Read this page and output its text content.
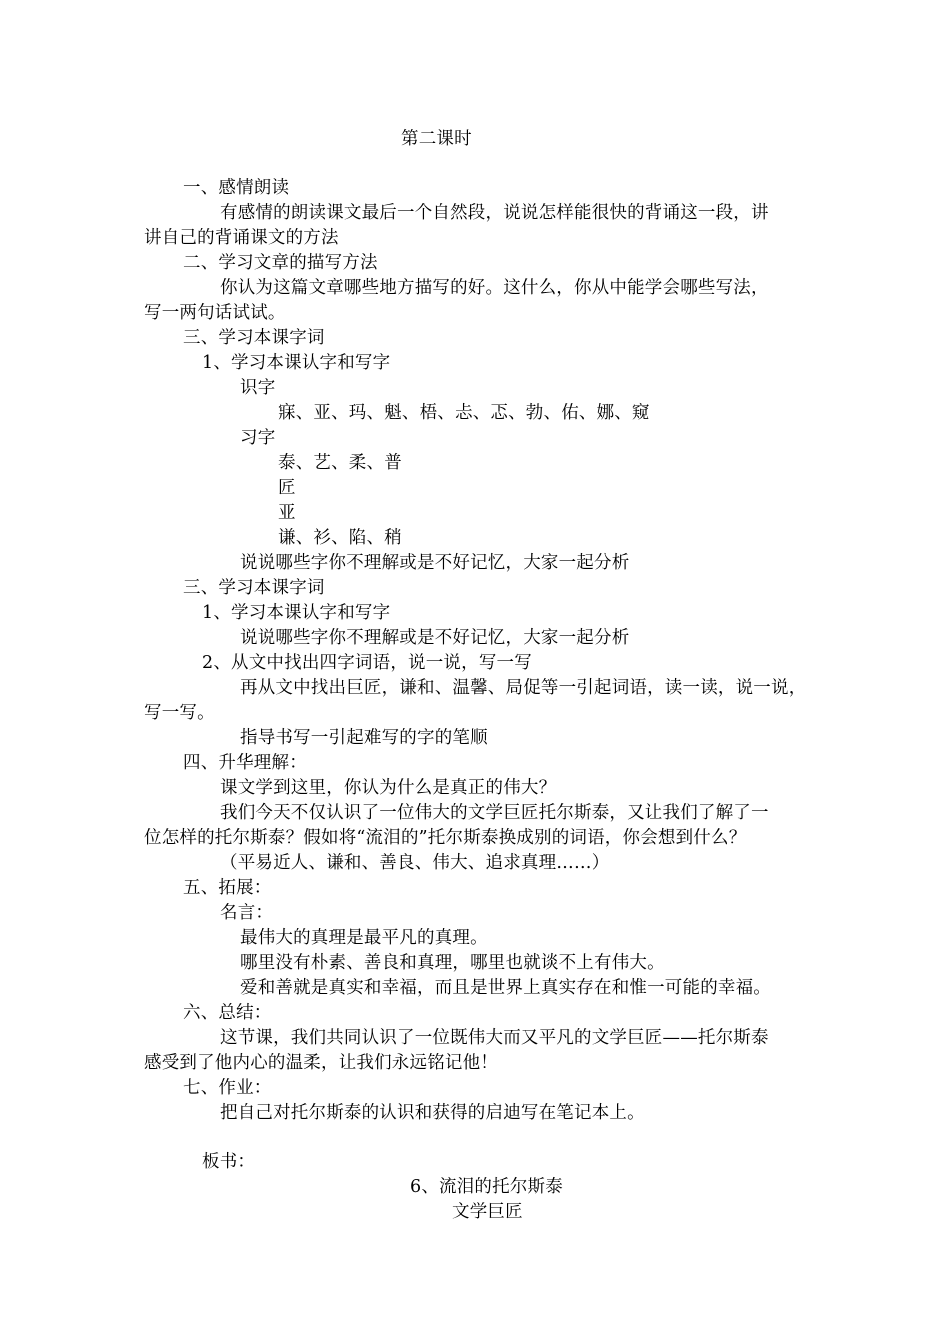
第二课时
一、感情朗读
有感情的朗读课文最后一个自然段，说说怎样能很快的背诵这一段，讲
讲自己的背诵课文的方法
二、学习文章的描写方法
你认为这篇文章哪些地方描写的好。这什么，你从中能学会哪些写法，
写一两句话试试。
三、学习本课字词
1、学习本课认字和写字
识字
寐、亚、玛、魁、梧、忐、忑、勃、佑、娜、窥
习字
泰、艺、柔、普
匠
亚
谦、衫、陷、稍
说说哪些字你不理解或是不好记忆，大家一起分析
三、学习本课字词
1、学习本课认字和写字
说说哪些字你不理解或是不好记忆，大家一起分析
2、从文中找出四字词语，说一说，写一写
再从文中找出巨匠，谦和、温馨、局促等一引起词语，读一读，说一说，
写一写。
指导书写一引起难写的字的笔顺
四、升华理解：
课文学到这里，你认为什么是真正的伟大？
我们今天不仅认识了一位伟大的文学巨匠托尔斯泰，又让我们了解了一
位怎样的托尔斯泰？假如将“流泪的”托尔斯泰换成别的词语，你会想到什么？
（平易近人、谦和、善良、伟大、追求真理……）
五、拓展：
名言：
最伟大的真理是最平凡的真理。
哪里没有朴素、善良和真理，哪里也就谈不上有伟大。
爱和善就是真实和幸福，而且是世界上真实存在和惟一可能的幸福。
六、总结：
这节课，我们共同认识了一位既伟大而又平凡的文学巨匠——托尔斯泰
感受到了他内心的温柔，让我们永远铭记他！
七、作业：
把自己对托尔斯泰的认识和获得的启迪写在笔记本上。
板书：
6、流泪的托尔斯泰
文学巨匠
